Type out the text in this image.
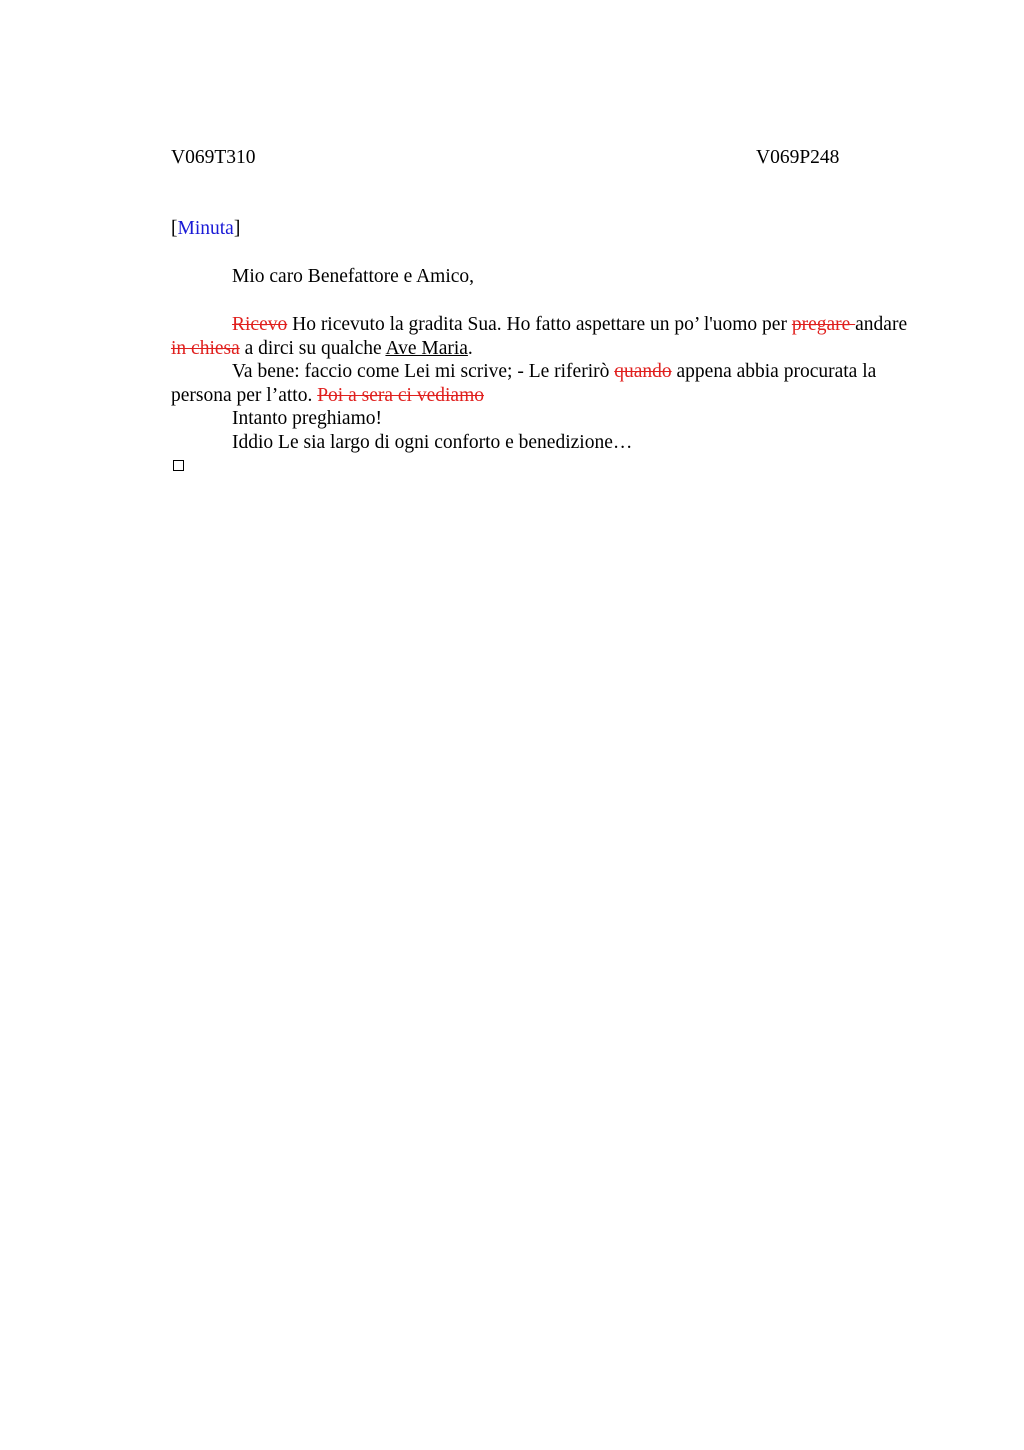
V069T310	V069P248
[Minuta]
Mio caro Benefattore e Amico,

Ricevo Ho ricevuto la gradita Sua. Ho fatto aspettare un po’ l'uomo per pregare andare in chiesa a dirci su qualche Ave Maria.

Va bene: faccio come Lei mi scrive; - Le riferirò quando appena abbia procurata la persona per l’atto. Poi a sera ci vediamo

Intanto preghiamo!

Iddio Le sia largo di ogni conforto e benedizione…
